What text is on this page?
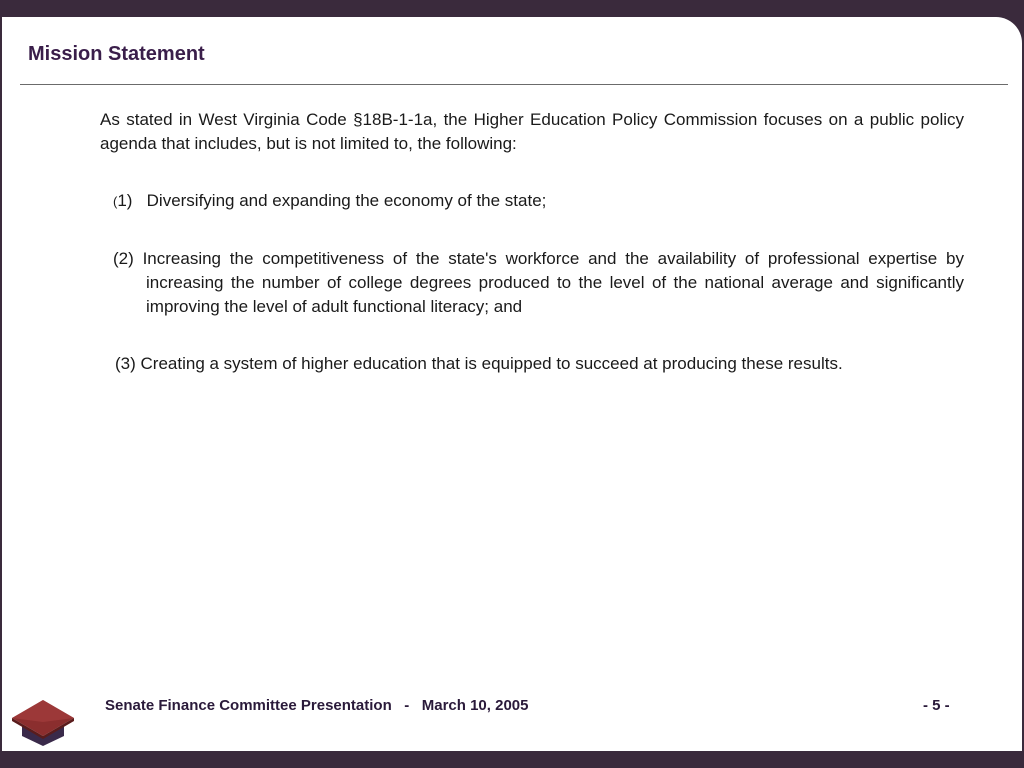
Mission Statement

As stated in West Virginia Code §18B-1-1a, the Higher Education Policy Commission focuses on a public policy agenda that includes, but is not limited to, the following:

(1) Diversifying and expanding the economy of the state;
(2) Increasing the competitiveness of the state's workforce and the availability of professional expertise by increasing the number of college degrees produced to the level of the national average and significantly improving the level of adult functional literacy; and
(3) Creating a system of higher education that is equipped to succeed at producing these results.
Senate Finance Committee Presentation   -   March 10, 2005	- 5 -
